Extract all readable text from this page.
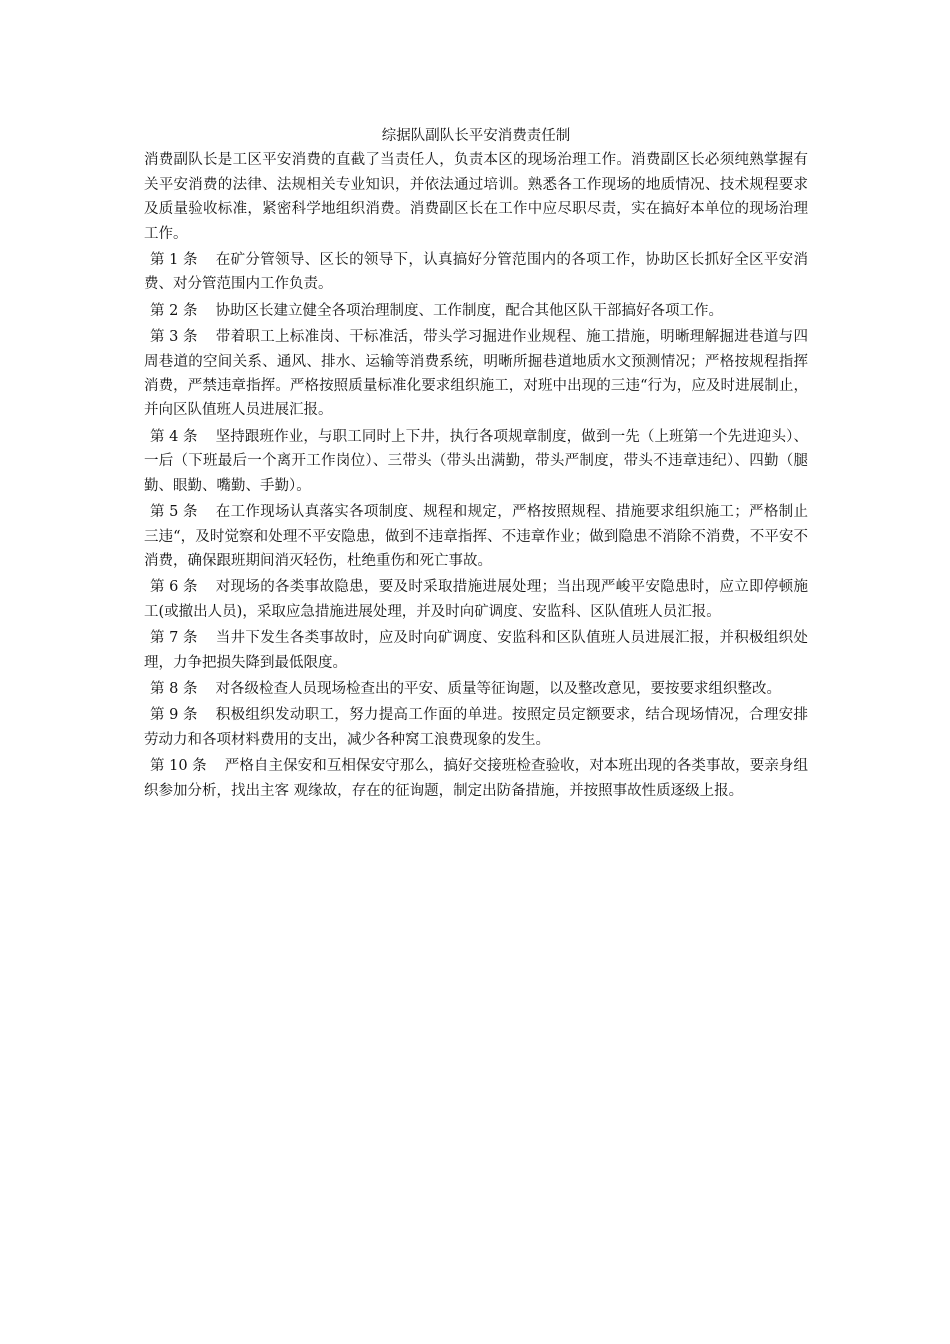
综据队副队长平安消费责任制

消费副队长是工区平安消费的直截了当责任人，负责本区的现场治理工作。消费副区长必须纯熟掌握有关平安消费的法律、法规相关专业知识，并依法通过培训。熟悉各工作现场的地质情况、技术规程要求及质量验收标准，紧密科学地组织消费。消费副区长在工作中应尽职尽责，实在搞好本单位的现场治理工作。

第 1 条 在矿分管领导、区长的领导下，认真搞好分管范围内的各项工作，协助区长抓好全区平安消费、对分管范围内工作负责。

第 2 条 协助区长建立健全各项治理制度、工作制度，配合其他区队干部搞好各项工作。

第 3 条 带着职工上标准岗、干标准活，带头学习掘进作业规程、施工措施，明晰理解掘进巷道与四周巷道的空间关系、通风、排水、运输等消费系统，明晰所掘巷道地质水文预测情况；严格按规程指挥消费，严禁违章指挥。严格按照质量标准化要求组织施工，对班中出现的三违“行为，应及时进展制止，并向区队值班人员进展汇报。

第 4 条 坚持跟班作业，与职工同时上下井，执行各项规章制度，做到一先（上班第一个先进迎头）、一后（下班最后一个离开工作岗位）、三带头（带头出满勤，带头严制度，带头不违章违纪）、四勤（腿勤、眼勤、嘴勤、手勤）。

第 5 条 在工作现场认真落实各项制度、规程和规定，严格按照规程、措施要求组织施工；严格制止三违“，及时觉察和处理不平安隐患，做到不违章指挥、不违章作业；做到隐患不消除不消费，不平安不消费，确保跟班期间消灭轻伤，杜绝重伤和死亡事故。

第 6 条 对现场的各类事故隐患，要及时采取措施进展处理；当出现严峻平安隐患时，应立即停顿施工(或撤出人员)，采取应急措施进展处理，并及时向矿调度、安监科、区队值班人员汇报。

第 7 条 当井下发生各类事故时，应及时向矿调度、安监科和区队值班人员进展汇报，并积极组织处理，力争把损失降到最低限度。

第 8 条 对各级检查人员现场检查出的平安、质量等征询题，以及整改意见，要按要求组织整改。

第 9 条 积极组织发动职工，努力提高工作面的单进。按照定员定额要求，结合现场情况，合理安排劳动力和各项材料费用的支出，减少各种窝工浪费现象的发生。

第 10 条 严格自主保安和互相保安守那么，搞好交接班检查验收，对本班出现的各类事故，要亲身组织参加分析，找出主客 观缘故，存在的征询题，制定出防备措施，并按照事故性质逐级上报。
